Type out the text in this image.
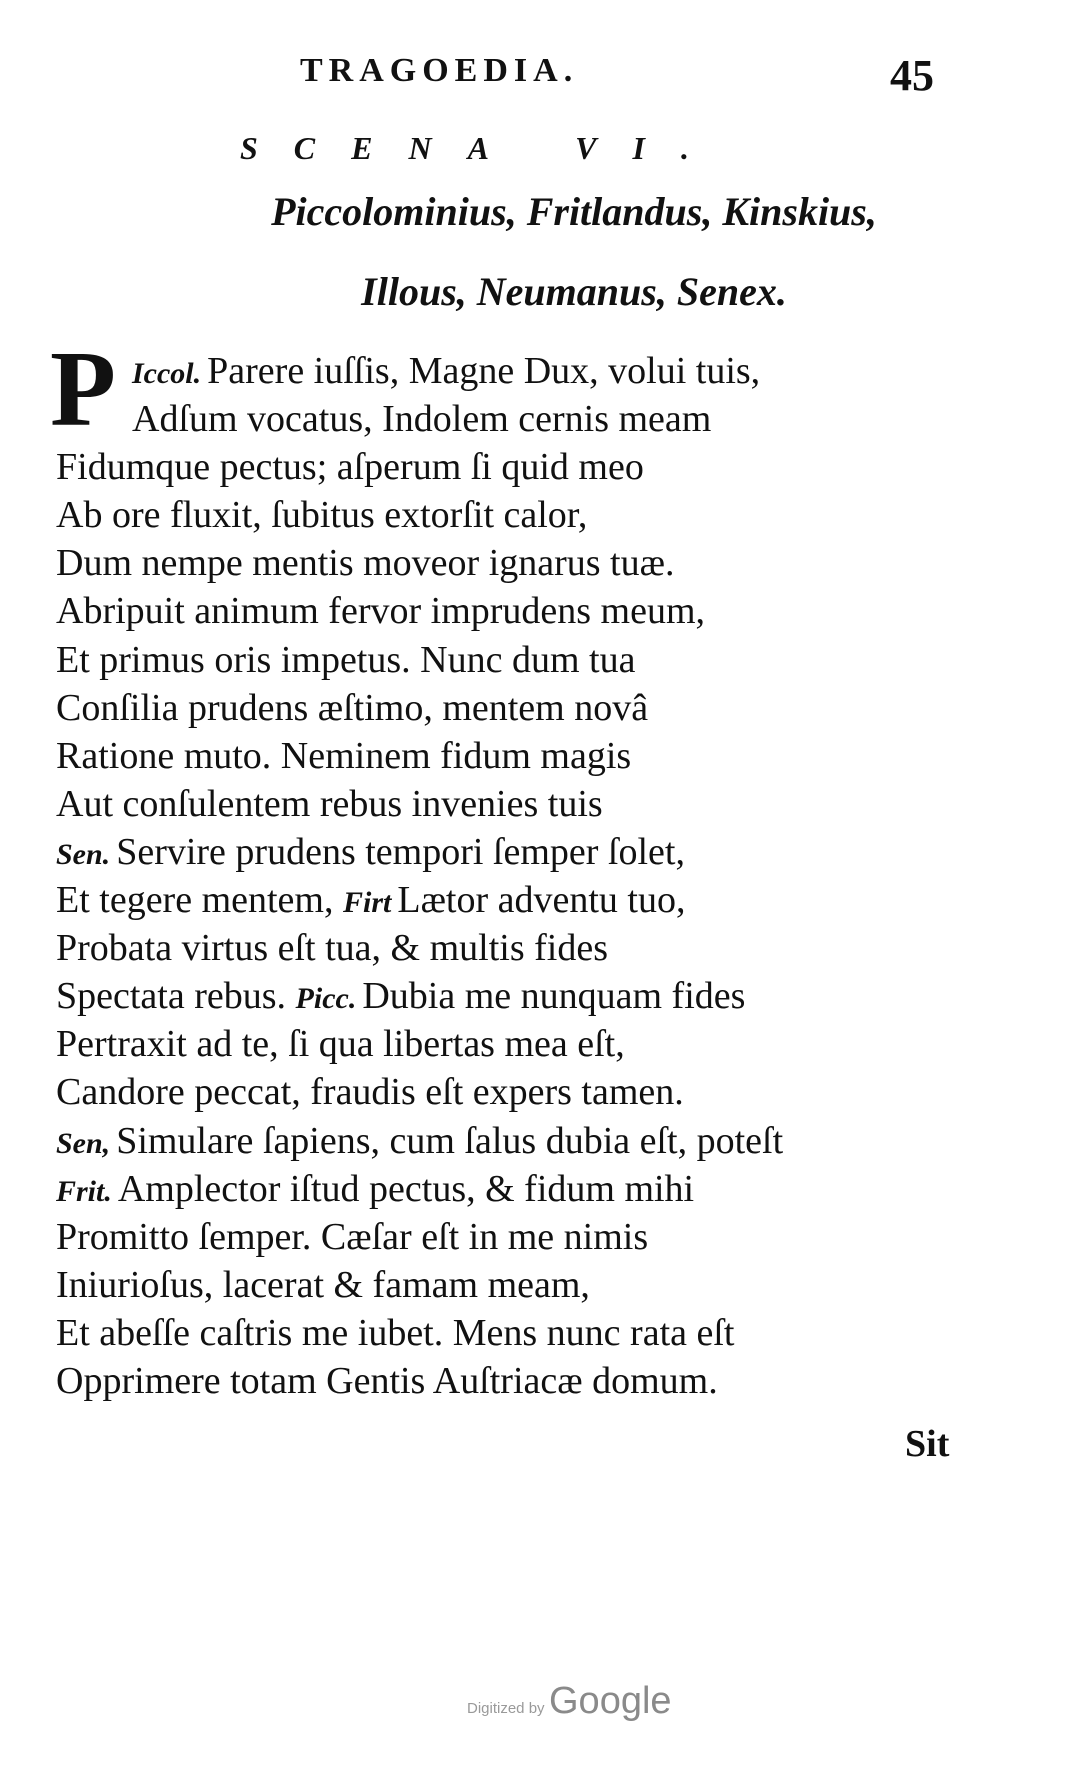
TRAGOEDIA.	45
SCENA VI.
Piccolominius, Fritlandus, Kinskius,
Illous, Neumanus, Senex.
P Iccol. Parere iuſſis, Magne Dux, volui tuis,
Adſum vocatus, Indolem cernis meam
Fidumque pectus; aſperum ſi quid meo
Ab ore fluxit, ſubitus extorſit calor,
Dum nempe mentis moveor ignarus tuæ.
Abripuit animum fervor imprudens meum,
Et primus oris impetus. Nunc dum tua
Conſilia prudens æſtimo, mentem novâ
Ratione muto. Neminem fidum magis
Aut conſulentem rebus invenies tuis
Sen. Servire prudens tempori ſemper ſolet,
Et tegere mentem, Firt Lætor adventu tuo,
Probata virtus eſt tua, & multis fides
Spectata rebus. Picc. Dubia me nunquam fides
Pertraxit ad te, ſi qua libertas mea eſt,
Candore peccat, fraudis eſt expers tamen.
Sen, Simulare ſapiens, cum ſalus dubia eſt, poteſt
Frit. Amplector iſtud pectus, & fidum mihi
Promitto ſemper. Cæſar eſt in me nimis
Iniurioſus, lacerat & famam meam,
Et abeſſe caſtris me iubet. Mens nunc rata eſt
Opprimere totam Gentis Auſtriacæ domum.
Sit
Digitized by Google
